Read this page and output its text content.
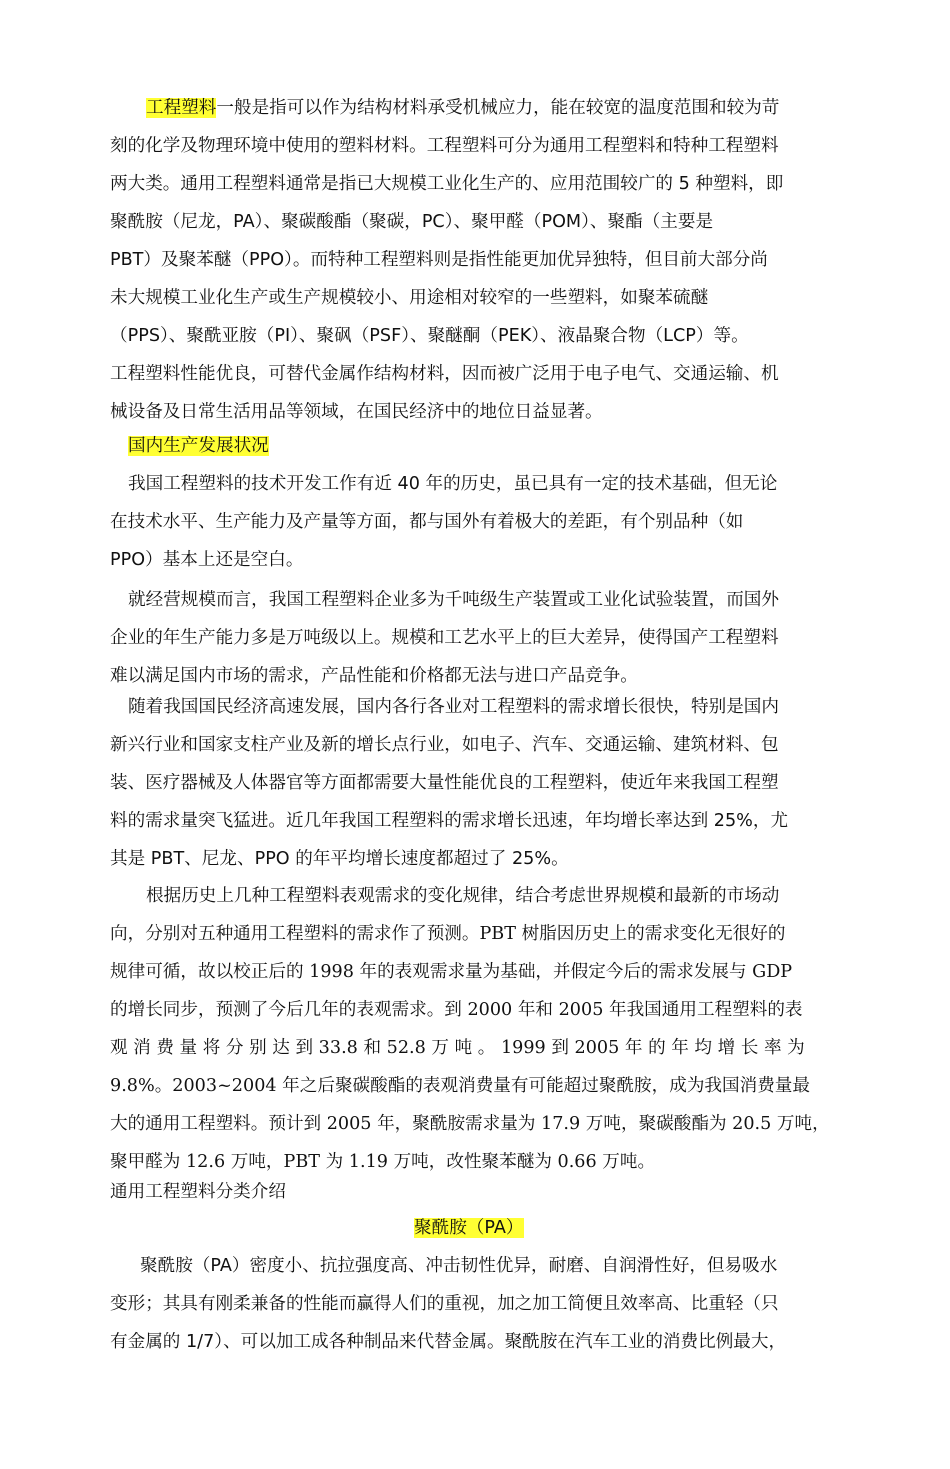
工程塑料一般是指可以作为结构材料承受机械应力，能在较宽的温度范围和较为苛
刻的化学及物理环境中使用的塑料材料。工程塑料可分为通用工程塑料和特种工程塑料
两大类。通用工程塑料通常是指已大规模工业化生产的、应用范围较广的 5 种塑料，即
聚酰胺（尼龙，PA）、聚碳酸酯（聚碳，PC）、聚甲醛（POM）、聚酯（主要是
PBT）及聚苯醚（PPO）。而特种工程塑料则是指性能更加优异独特，但目前大部分尚
未大规模工业化生产或生产规模较小、用途相对较窄的一些塑料，如聚苯硫醚
（PPS）、聚酰亚胺（PI）、聚砜（PSF）、聚醚酮（PEK）、液晶聚合物（LCP）等。
工程塑料性能优良，可替代金属作结构材料，因而被广泛用于电子电气、交通运输、机
械设备及日常生活用品等领域，在国民经济中的地位日益显著。
国内生产发展状况
我国工程塑料的技术开发工作有近 40 年的历史，虽已具有一定的技术基础，但无论
在技术水平、生产能力及产量等方面，都与国外有着极大的差距，有个别品种（如
PPO）基本上还是空白。
就经营规模而言，我国工程塑料企业多为千吨级生产装置或工业化试验装置，而国外
企业的年生产能力多是万吨级以上。规模和工艺水平上的巨大差异，使得国产工程塑料
难以满足国内市场的需求，产品性能和价格都无法与进口产品竞争。
随着我国国民经济高速发展，国内各行各业对工程塑料的需求增长很快，特别是国内
新兴行业和国家支柱产业及新的增长点行业，如电子、汽车、交通运输、建筑材料、包
装、医疗器械及人体器官等方面都需要大量性能优良的工程塑料，使近年来我国工程塑
料的需求量突飞猛进。近几年我国工程塑料的需求增长迅速，年均增长率达到 25%，尤
其是 PBT、尼龙、PPO 的年平均增长速度都超过了 25%。
根据历史上几种工程塑料表观需求的变化规律，结合考虑世界规模和最新的市场动
向，分别对五种通用工程塑料的需求作了预测。PBT 树脂因历史上的需求变化无很好的
规律可循，故以校正后的 1998 年的表观需求量为基础，并假定今后的需求发展与 GDP
的增长同步，预测了今后几年的表观需求。到 2000 年和 2005 年我国通用工程塑料的表
观 消 费 量 将 分 别 达 到 33.8 和 52.8 万 吨 。 1999 到 2005 年 的 年 均 增 长 率 为
9.8%。2003~2004 年之后聚碳酸酯的表观消费量有可能超过聚酰胺，成为我国消费量最
大的通用工程塑料。预计到 2005 年，聚酰胺需求量为 17.9 万吨，聚碳酸酯为 20.5 万吨，
聚甲醛为 12.6 万吨，PBT 为 1.19 万吨，改性聚苯醚为 0.66 万吨。
通用工程塑料分类介绍
聚酰胺（PA）
聚酰胺（PA）密度小、抗拉强度高、冲击韧性优异，耐磨、自润滑性好，但易吸水
变形；其具有刚柔兼备的性能而赢得人们的重视，加之加工简便且效率高、比重轻（只
有金属的 1/7）、可以加工成各种制品来代替金属。聚酰胺在汽车工业的消费比例最大，
